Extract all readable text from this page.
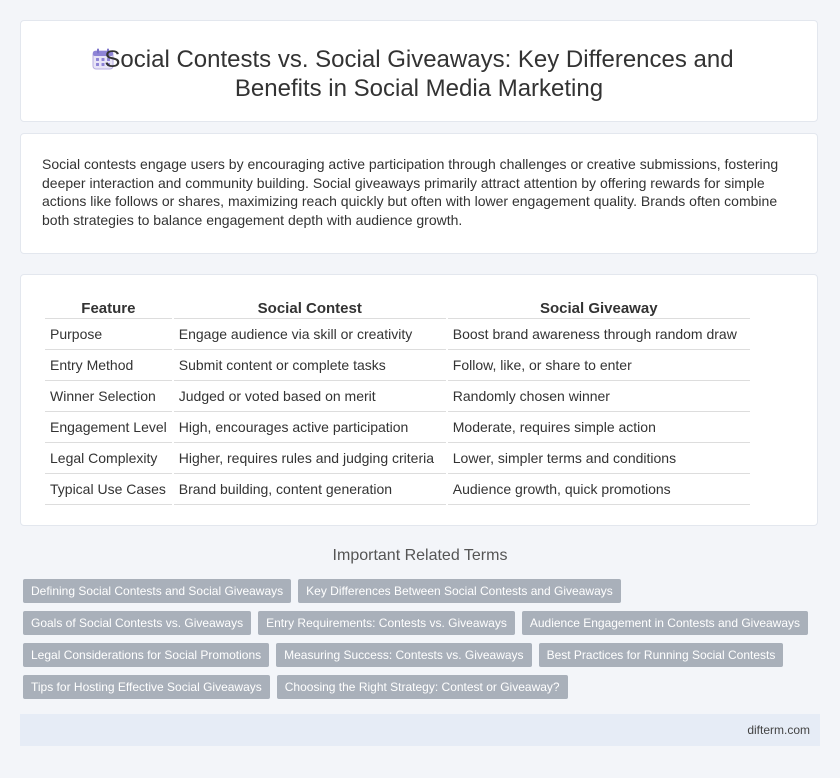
Social Contests vs. Social Giveaways: Key Differences and
Benefits in Social Media Marketing
Social contests engage users by encouraging active participation through challenges or creative submissions, fostering deeper interaction and community building. Social giveaways primarily attract attention by offering rewards for simple actions like follows or shares, maximizing reach quickly but often with lower engagement quality. Brands often combine both strategies to balance engagement depth with audience growth.
Feature	Social Contest	Social Giveaway
Purpose	Engage audience via skill or creativity	Boost brand awareness through random draw
Entry Method	Submit content or complete tasks	Follow, like, or share to enter
Winner Selection	Judged or voted based on merit	Randomly chosen winner
Engagement Level	High, encourages active participation	Moderate, requires simple action
Legal Complexity	Higher, requires rules and judging criteria	Lower, simpler terms and conditions
Typical Use Cases	Brand building, content generation	Audience growth, quick promotions
Important Related Terms
Defining Social Contests and Social Giveaways	Key Differences Between Social Contests and Giveaways
Goals of Social Contests vs. Giveaways	Entry Requirements: Contests vs. Giveaways	Audience Engagement in Contests and Giveaways
Legal Considerations for Social Promotions	Measuring Success: Contests vs. Giveaways	Best Practices for Running Social Contests
Tips for Hosting Effective Social Giveaways	Choosing the Right Strategy: Contest or Giveaway?
difterm.com
